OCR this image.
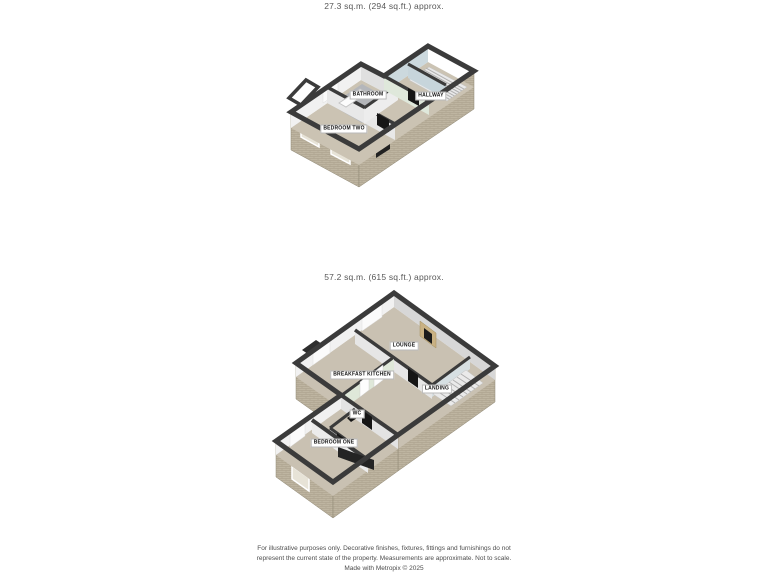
27.3 sq.m. (294 sq.ft.) approx.
BATHROOM	HALLWAY
BEDROOM TWO
57.2 sq.m. (615 sq.ft.) approx.
LOUNGE
BREAKFAST KITCHEN
LANDING
WC
BEDROOM ONE
For illustrative purposes only. Decorative finishes, fixtures, fittings and furnishings do not
represent the current state of the property. Measurements are approximate. Not to scale.
Made with Metropix © 2025
